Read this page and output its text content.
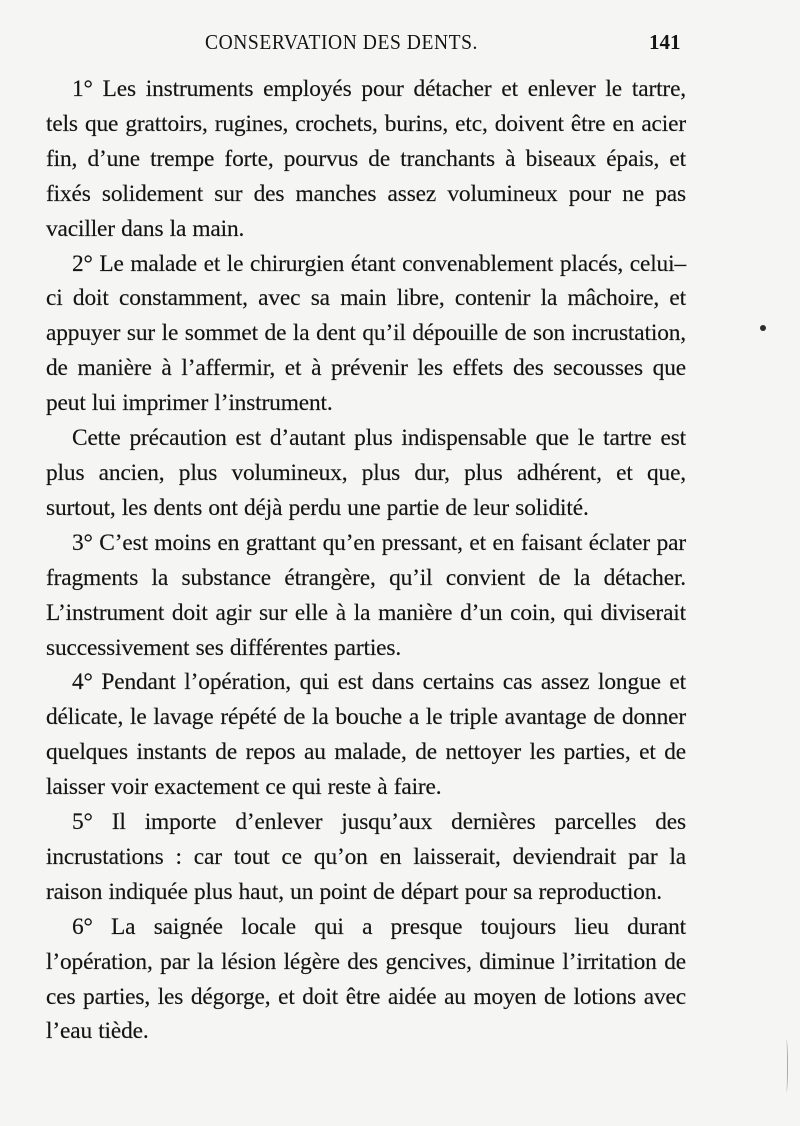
CONSERVATION DES DENTS.	141

1° Les instruments employés pour détacher et enlever le tartre, tels que grattoirs, rugines, crochets, burins, etc, doivent être en acier fin, d’une trempe forte, pourvus de tranchants à biseaux épais, et fixés solidement sur des manches assez volumineux pour ne pas vaciller dans la main.

2° Le malade et le chirurgien étant convenablement placés, celui–ci doit constamment, avec sa main libre, contenir la mâchoire, et appuyer sur le sommet de la dent qu’il dépouille de son incrustation, de manière à l’affermir, et à prévenir les effets des secousses que peut lui imprimer l’instrument.

Cette précaution est d’autant plus indispensable que le tartre est plus ancien, plus volumineux, plus dur, plus adhérent, et que, surtout, les dents ont déjà perdu une partie de leur solidité.

3° C’est moins en grattant qu’en pressant, et en faisant éclater par fragments la substance étrangère, qu’il convient de la détacher. L’instrument doit agir sur elle à la manière d’un coin, qui diviserait successivement ses différentes parties.

4° Pendant l’opération, qui est dans certains cas assez longue et délicate, le lavage répété de la bouche a le triple avantage de donner quelques instants de repos au malade, de nettoyer les parties, et de laisser voir exactement ce qui reste à faire.

5° Il importe d’enlever jusqu’aux dernières parcelles des incrustations : car tout ce qu’on en laisserait, deviendrait par la raison indiquée plus haut, un point de départ pour sa reproduction.

6° La saignée locale qui a presque toujours lieu durant l’opération, par la lésion légère des gencives, diminue l’irritation de ces parties, les dégorge, et doit être aidée au moyen de lotions avec l’eau tiède.
